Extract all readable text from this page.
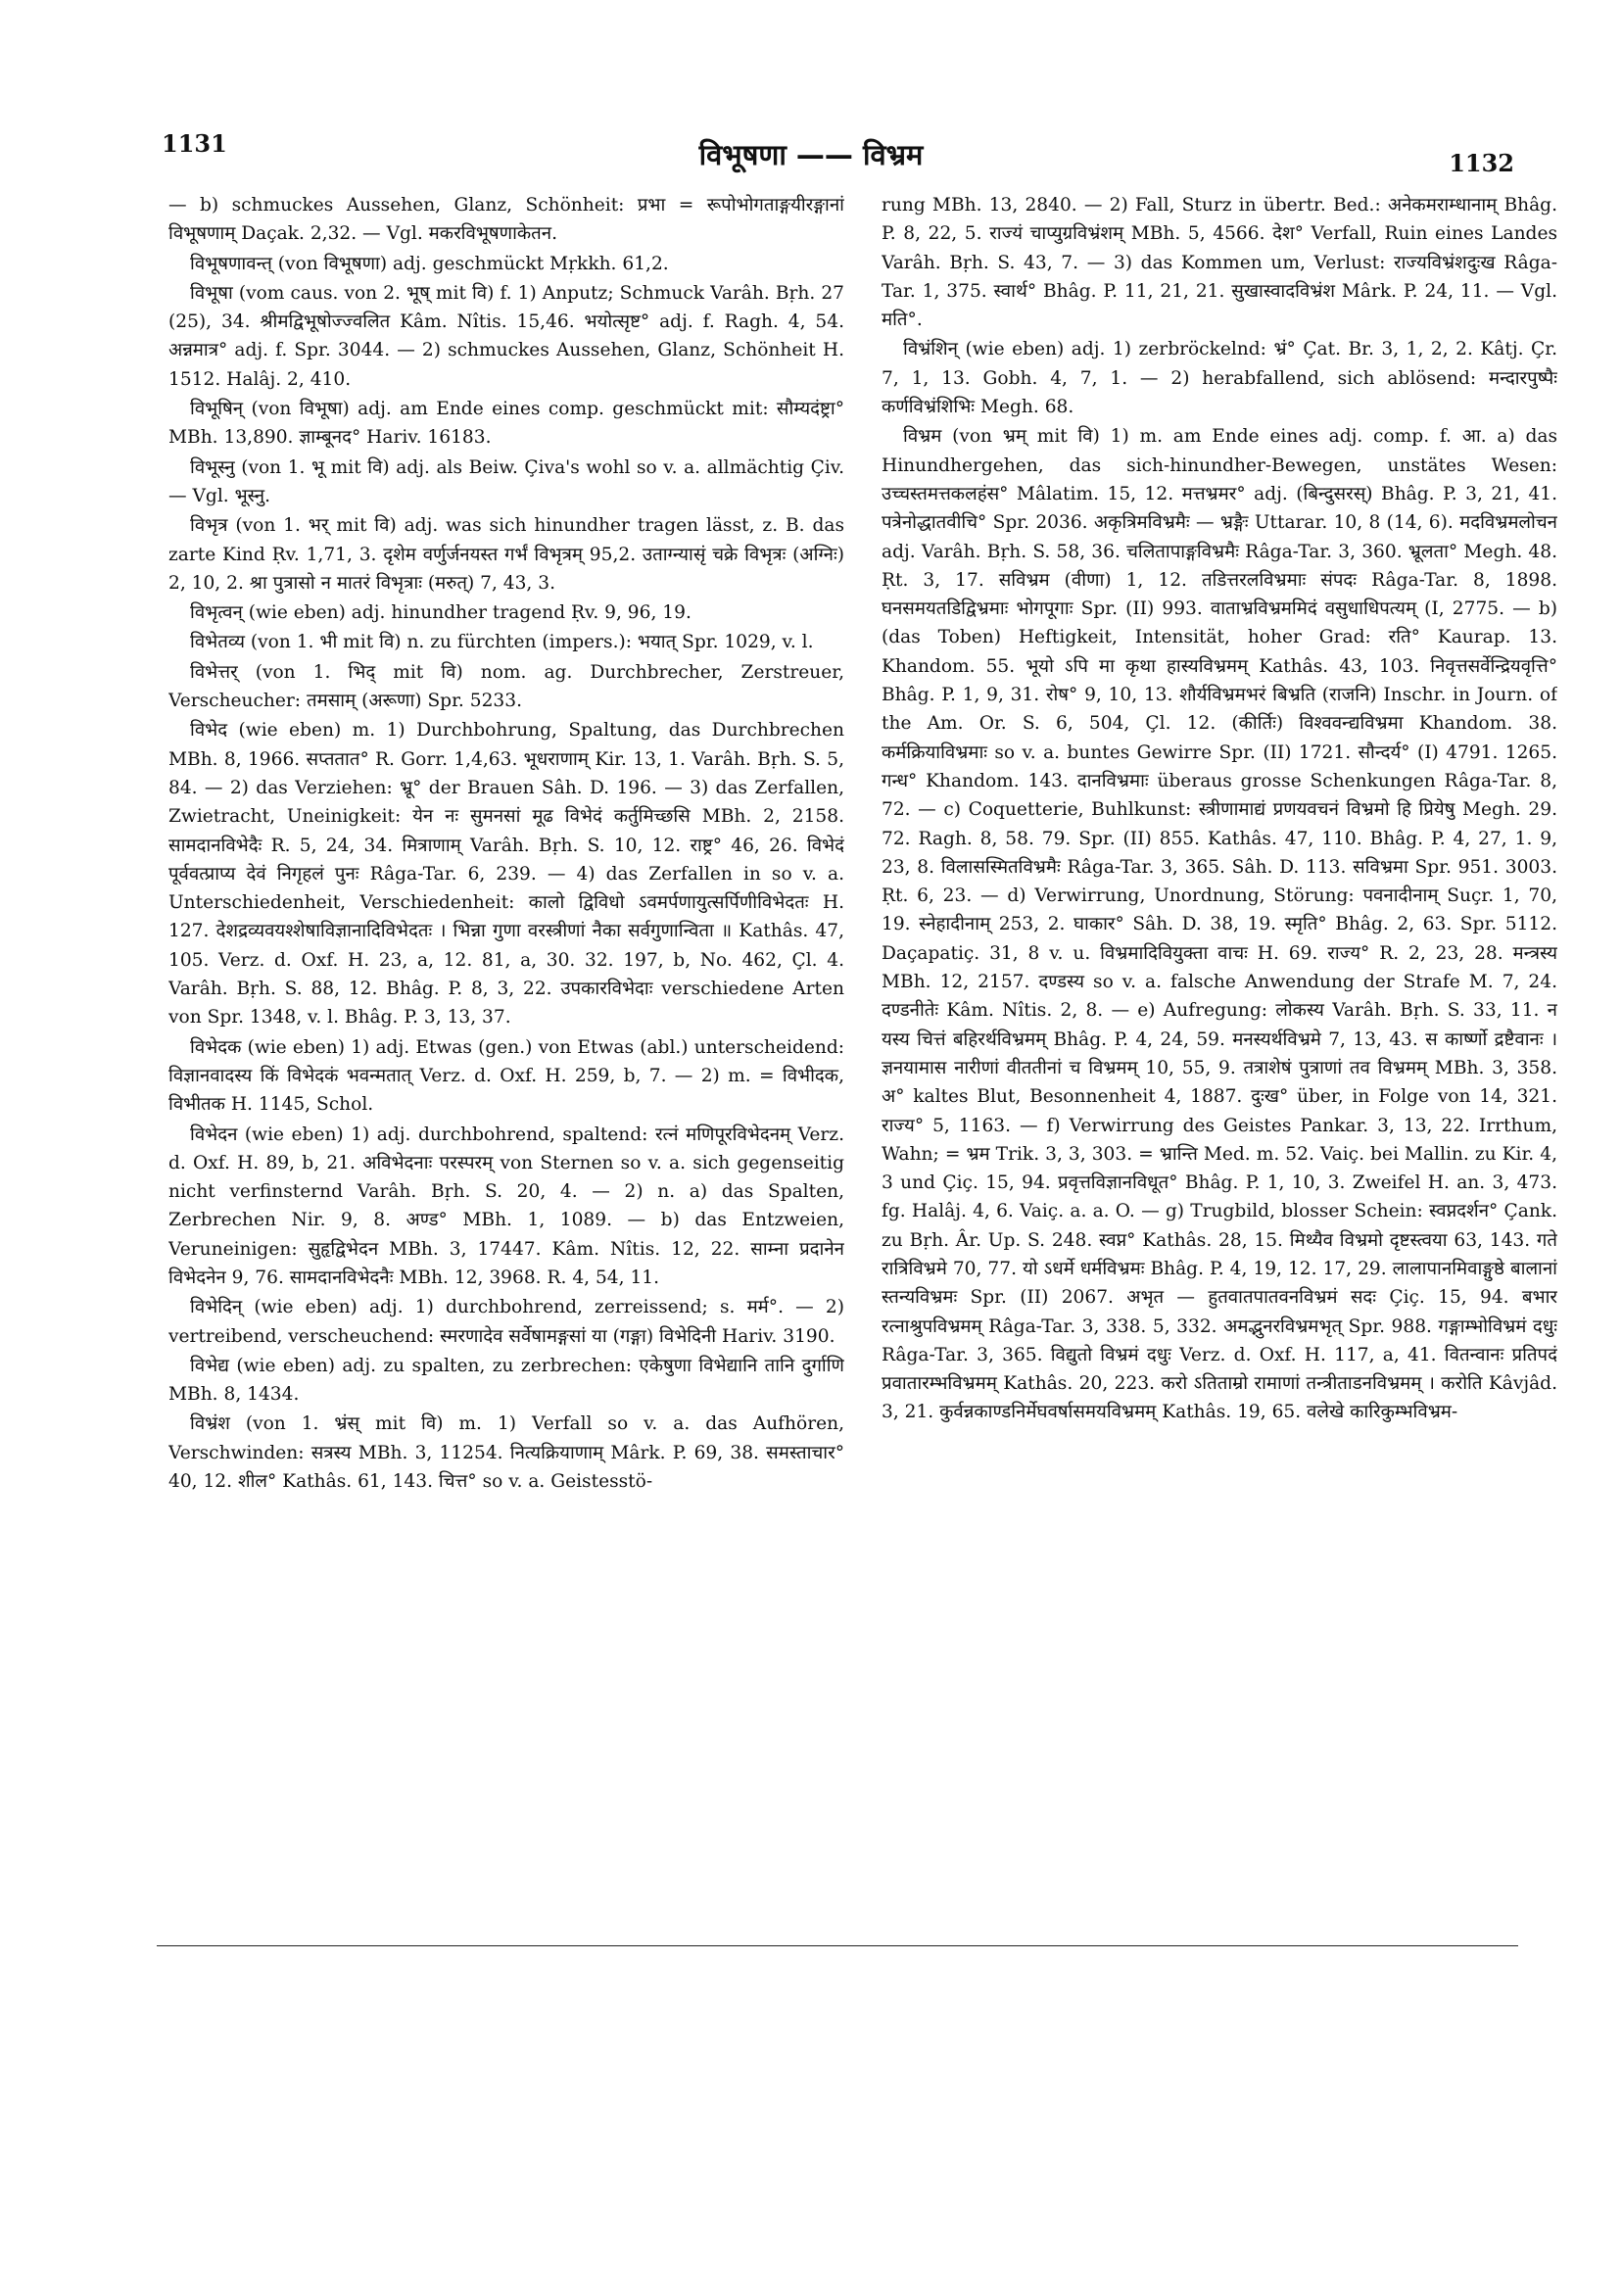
1131	विभूषणा —— विभ्रम	1132

— b) schmuckes Aussehen, Glanz, Schönheit: प्रभा = रूपोभोगताङ्गयीरङ्गानां विभूषणाम् Daçak. 2,32. — Vgl. मकरविभूषणाकेतन.

विभूषणावन्त् (von विभूषणा) adj. geschmückt Mṛkkh. 61,2.

विभूषा (vom caus. von 2. भूष् mit वि) f. 1) Anputz; Schmuck Varâh. Bṛh. 27 (25), 34. श्रीमद्विभूषोज्ज्वलित Kâm. Nîtis. 15,46. भयोत्सृष्ट° adj. f. Ragh. 4, 54. अन्नमात्र° adj. f. Spr. 3044. — 2) schmuckes Aussehen, Glanz, Schönheit H. 1512. Halâj. 2, 410.

विभूषिन् (von विभूषा) adj. am Ende eines comp. geschmückt mit: सौम्यदंष्ट्रा° MBh. 13,890. ज्ञाम्बूनद° Hariv. 16183.

विभूस्नु (von 1. भू mit वि) adj. als Beiw. Çiva's wohl so v. a. allmächtig Çiv. — Vgl. भूस्नु.

विभृत्र (von 1. भर् mit वि) adj. was sich hinundher tragen lässt, z. B. das zarte Kind Ṛv. 1,71, 3. दृशेम वर्णुर्जनयस्त गर्भं विभृत्रम् 95,2. उताग्न्यासृं चक्रे विभृत्रः (अग्निः) 2, 10, 2. श्रा पुत्रासो न मातरं विभृत्राः (मरुत्) 7, 43, 3.

विभृत्वन् (wie eben) adj. hinundher tragend Ṛv. 9, 96, 19.

विभेतव्य (von 1. भी mit वि) n. zu fürchten (impers.): भयात् Spr. 1029, v. l.

विभेत्तर् (von 1. भिद् mit वि) nom. ag. Durchbrecher, Zerstreuer, Verscheucher: तमसाम् (अरूणा) Spr. 5233.

विभेद (wie eben) m. 1) Durchbohrung, Spaltung, das Durchbrechen MBh. 8, 1966. सप्ततात° R. Gorr. 1,4,63. भूधराणाम् Kir. 13, 1. Varâh. Bṛh. S. 5, 84. — 2) das Verziehen: भ्रू° der Brauen Sâh. D. 196. — 3) das Zerfallen, Zwietracht, Uneinigkeit: येन नः सुमनसां मूढ विभेदं कर्तुमिच्छसि MBh. 2, 2158. सामदानविभेदैः R. 5, 24, 34. मित्राणाम् Varâh. Bṛh. S. 10, 12. राष्ट्र° 46, 26. विभेदं पूर्ववत्प्राप्य देवं निगृहलं पुनः Râga-Tar. 6, 239. — 4) das Zerfallen in so v. a. Unterschiedenheit, Verschiedenheit: कालो द्विविधो ऽवमर्पणायुत्सर्पिणीविभेदतः H. 127. देशद्रव्यवयश्शेषाविज्ञानादिविभेदतः । भिन्ना गुणा वरस्त्रीणां नैका सर्वगुणान्विता ॥ Kathâs. 47, 105. Verz. d. Oxf. H. 23, a, 12. 81, a, 30. 32. 197, b, No. 462, Çl. 4. Varâh. Bṛh. S. 88, 12. Bhâg. P. 8, 3, 22. उपकारविभेदाः verschiedene Arten von Spr. 1348, v. l. Bhâg. P. 3, 13, 37.

विभेदक (wie eben) 1) adj. Etwas (gen.) von Etwas (abl.) unterscheidend: विज्ञानवादस्य किं विभेदकं भवन्मतात् Verz. d. Oxf. H. 259, b, 7. — 2) m. = विभीदक, विभीतक H. 1145, Schol.

विभेदन (wie eben) 1) adj. durchbohrend, spaltend: रत्नं मणिपूरविभेदनम् Verz. d. Oxf. H. 89, b, 21. अविभेदनाः परस्परम् von Sternen so v. a. sich gegenseitig nicht verfinsternd Varâh. Bṛh. S. 20, 4. — 2) n. a) das Spalten, Zerbrechen Nir. 9, 8. अण्ड° MBh. 1, 1089. — b) das Entzweien, Veruneinigen: सुहृद्विभेदन MBh. 3, 17447. Kâm. Nîtis. 12, 22. साम्ना प्रदानेन विभेदनेन 9, 76. सामदानविभेदनैः MBh. 12, 3968. R. 4, 54, 11.

विभेदिन् (wie eben) adj. 1) durchbohrend, zerreissend; s. मर्म°. — 2) vertreibend, verscheuchend: स्मरणादेव सर्वेषामङ्गसां या (गङ्गा) विभेदिनी Hariv. 3190.

विभेद्य (wie eben) adj. zu spalten, zu zerbrechen: एकेषुणा विभेद्यानि तानि दुर्गाणि MBh. 8, 1434.

विभ्रंश (von 1. भ्रंस् mit वि) m. 1) Verfall so v. a. das Aufhören, Verschwinden: सत्रस्य MBh. 3, 11254. नित्यक्रियाणाम् Mârk. P. 69, 38. समस्ताचार° 40, 12. शील° Kathâs. 61, 143. चित्त° so v. a. Geistesstö-

rung MBh. 13, 2840. — 2) Fall, Sturz in übertr. Bed.: अनेकमराम्धानाम् Bhâg. P. 8, 22, 5. राज्यं चाप्युग्रविभ्रंशम् MBh. 5, 4566. देश° Verfall, Ruin eines Landes Varâh. Bṛh. S. 43, 7. — 3) das Kommen um, Verlust: राज्यविभ्रंशदुःख Râga-Tar. 1, 375. स्वार्थ° Bhâg. P. 11, 21, 21. सुखास्वादविभ्रंश Mârk. P. 24, 11. — Vgl. मति°.

विभ्रंशिन् (wie eben) adj. 1) zerbröckelnd: भ्रं° Çat. Br. 3, 1, 2, 2. Kâtj. Çr. 7, 1, 13. Gobh. 4, 7, 1. — 2) herabfallend, sich ablösend: मन्दारपुष्पैः कर्णविभ्रंशिभिः Megh. 68.

विभ्रम (von भ्रम् mit वि) 1) m. am Ende eines adj. comp. f. आ. a) das Hinundhergehen, das sich-hinundher-Bewegen, unstätes Wesen: उच्चस्तमत्तकलहंस° Mâlatim. 15, 12. मत्तभ्रमर° adj. (बिन्दुसरस्) Bhâg. P. 3, 21, 41. पत्रेनोद्धातवीचि° Spr. 2036. अकृत्रिमविभ्रमैः — भ्रङ्गैः Uttarar. 10, 8 (14, 6). मदविभ्रमलोचन adj. Varâh. Bṛh. S. 58, 36. चलितापाङ्गविभ्रमैः Râga-Tar. 3, 360. भ्रूलता° Megh. 48. Ṛt. 3, 17. सविभ्रम (वीणा) 1, 12. तडित्तरलविभ्रमाः संपदः Râga-Tar. 8, 1898. घनसमयतडिद्विभ्रमाः भोगपूगाः Spr. (II) 993. वाताभ्रविभ्रममिदं वसुधाधिपत्यम् (I, 2775. — b) (das Toben) Heftigkeit, Intensität, hoher Grad: रति° Kaurap. 13. Khandom. 55. भूयो ऽपि मा कृथा हास्यविभ्रमम् Kathâs. 43, 103. निवृत्तसर्वेन्द्रियवृत्ति° Bhâg. P. 1, 9, 31. रोष° 9, 10, 13. शौर्यविभ्रमभरं बिभ्रति (राजनि) Inschr. in Journ. of the Am. Or. S. 6, 504, Çl. 12. (कीर्तिः) विश्ववन्द्यविभ्रमा Khandom. 38. कर्मक्रियाविभ्रमाः so v. a. buntes Gewirre Spr. (II) 1721. सौन्दर्य° (I) 4791. 1265. गन्ध° Khandom. 143. दानविभ्रमाः überaus grosse Schenkungen Râga-Tar. 8, 72. — c) Coquetterie, Buhlkunst: स्त्रीणामाद्यं प्रणयवचनं विभ्रमो हि प्रियेषु Megh. 29. 72. Ragh. 8, 58. 79. Spr. (II) 855. Kathâs. 47, 110. Bhâg. P. 4, 27, 1. 9, 23, 8. विलासस्मितविभ्रमैः Râga-Tar. 3, 365. Sâh. D. 113. सविभ्रमा Spr. 951. 3003. Ṛt. 6, 23. — d) Verwirrung, Unordnung, Störung: पवनादीनाम् Suçr. 1, 70, 19. स्नेहादीनाम् 253, 2. घाकार° Sâh. D. 38, 19. स्मृति° Bhâg. 2, 63. Spr. 5112. Daçapatiç. 31, 8 v. u. विभ्रमादिवियुक्ता वाचः H. 69. राज्य° R. 2, 23, 28. मन्त्रस्य MBh. 12, 2157. दण्डस्य so v. a. falsche Anwendung der Strafe M. 7, 24. दण्डनीतेः Kâm. Nîtis. 2, 8. — e) Aufregung: लोकस्य Varâh. Bṛh. S. 33, 11. न यस्य चित्तं बहिरर्थविभ्रमम् Bhâg. P. 4, 24, 59. मनस्यर्थविभ्रमे 7, 13, 43. स कार्ष्णो द्रष्टैवानः । ज्ञनयामास नारीणां वीततीनां च विभ्रमम् 10, 55, 9. तत्राशेषं पुत्राणां तव विभ्रमम् MBh. 3, 358. अ° kaltes Blut, Besonnenheit 4, 1887. दुःख° über, in Folge von 14, 321. राज्य° 5, 1163. — f) Verwirrung des Geistes Pankar. 3, 13, 22. Irrthum, Wahn; = भ्रम Trik. 3, 3, 303. = भ्रान्ति Med. m. 52. Vaiç. bei Mallin. zu Kir. 4, 3 und Çiç. 15, 94. प्रवृत्तविज्ञानविधूत° Bhâg. P. 1, 10, 3. Zweifel H. an. 3, 473. fg. Halâj. 4, 6. Vaiç. a. a. O. — g) Trugbild, blosser Schein: स्वप्नदर्शन° Çank. zu Bṛh. Âr. Up. S. 248. स्वप्न° Kathâs. 28, 15. मिथ्यैव विभ्रमो दृष्टस्त्वया 63, 143. गते रात्रिविभ्रमे 70, 77. यो ऽधर्मे धर्मविभ्रमः Bhâg. P. 4, 19, 12. 17, 29. लालापानमिवाङ्गुष्ठे बालानां स्तन्यविभ्रमः Spr. (II) 2067. अभृत — हुतवातपातवनविभ्रमं सदः Çiç. 15, 94. बभार रत्नाश्रुपविभ्रमम् Râga-Tar. 3, 338. 5, 332. अमद्भुनरविभ्रमभृत् Spr. 988. गङ्गाम्भोविभ्रमं दधुः Râga-Tar. 3, 365. विद्युतो विभ्रमं दधुः Verz. d. Oxf. H. 117, a, 41. वितन्वानः प्रतिपदं प्रवातारम्भविभ्रमम् Kathâs. 20, 223. करो ऽतिताम्रो रामाणां तन्त्रीताडनविभ्रमम् । करोति Kâvjâd. 3, 21. कुर्वन्नकाण्डनिर्मेघवर्षासमयविभ्रमम् Kathâs. 19, 65. वलेखे कारिकुम्भविभ्रम-
